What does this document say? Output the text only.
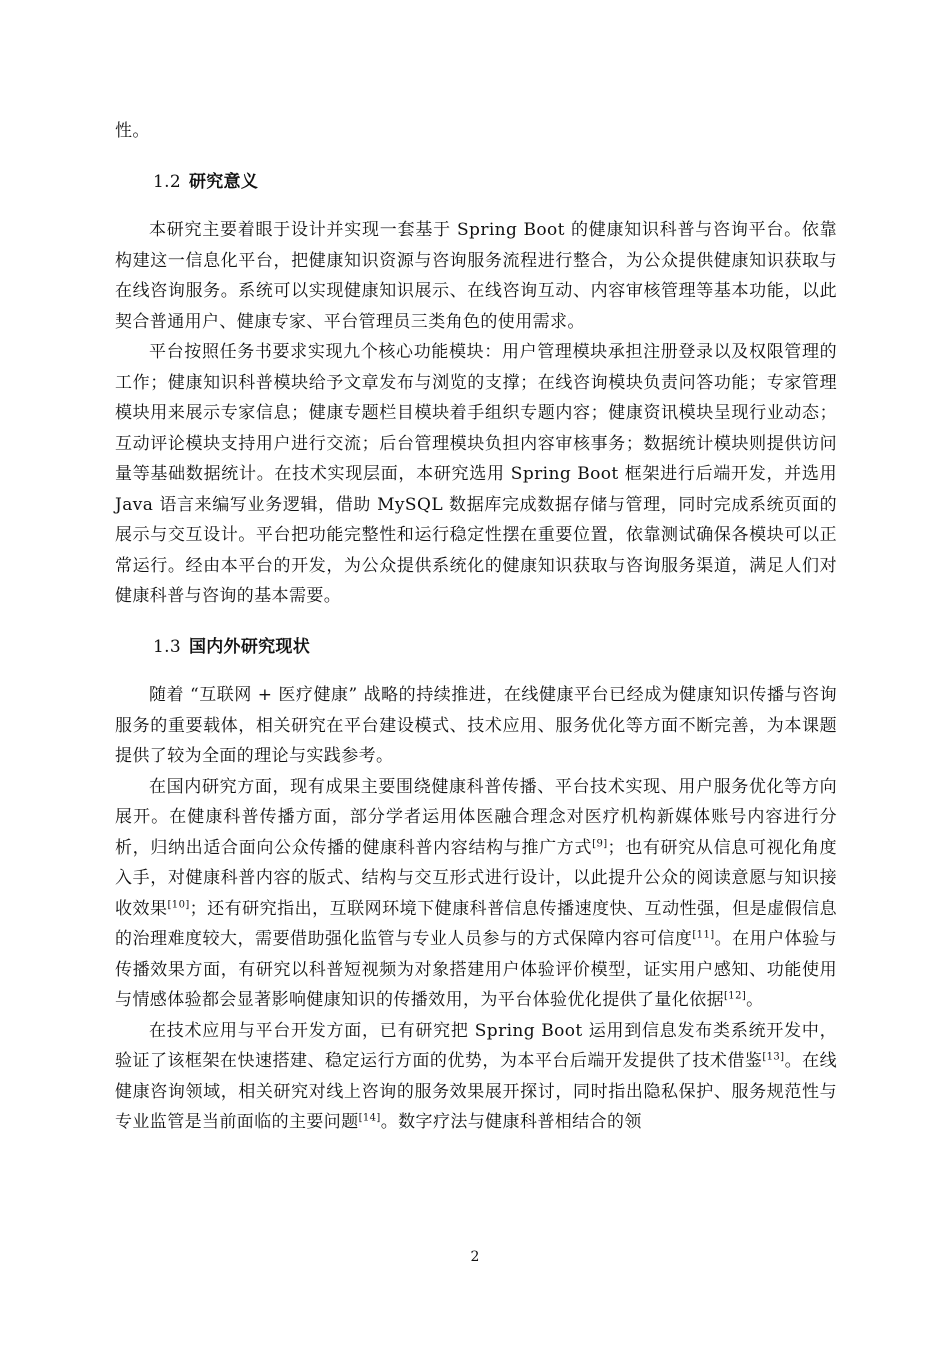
性。

1.2 研究意义

本研究主要着眼于设计并实现一套基于 Spring Boot 的健康知识科普与咨询平台。依靠构建这一信息化平台，把健康知识资源与咨询服务流程进行整合，为公众提供健康知识获取与在线咨询服务。系统可以实现健康知识展示、在线咨询互动、内容审核管理等基本功能，以此契合普通用户、健康专家、平台管理员三类角色的使用需求。

平台按照任务书要求实现九个核心功能模块：用户管理模块承担注册登录以及权限管理的工作；健康知识科普模块给予文章发布与浏览的支撑；在线咨询模块负责问答功能；专家管理模块用来展示专家信息；健康专题栏目模块着手组织专题内容；健康资讯模块呈现行业动态；互动评论模块支持用户进行交流；后台管理模块负担内容审核事务；数据统计模块则提供访问量等基础数据统计。在技术实现层面，本研究选用 Spring Boot 框架进行后端开发，并选用 Java 语言来编写业务逻辑，借助 MySQL 数据库完成数据存储与管理，同时完成系统页面的展示与交互设计。平台把功能完整性和运行稳定性摆在重要位置，依靠测试确保各模块可以正常运行。经由本平台的开发，为公众提供系统化的健康知识获取与咨询服务渠道，满足人们对健康科普与咨询的基本需要。

1.3 国内外研究现状

随着 “互联网 + 医疗健康” 战略的持续推进，在线健康平台已经成为健康知识传播与咨询服务的重要载体，相关研究在平台建设模式、技术应用、服务优化等方面不断完善，为本课题提供了较为全面的理论与实践参考。

在国内研究方面，现有成果主要围绕健康科普传播、平台技术实现、用户服务优化等方向展开。在健康科普传播方面，部分学者运用体医融合理念对医疗机构新媒体账号内容进行分析，归纳出适合面向公众传播的健康科普内容结构与推广方式[9]；也有研究从信息可视化角度入手，对健康科普内容的版式、结构与交互形式进行设计，以此提升公众的阅读意愿与知识接收效果[10]；还有研究指出，互联网环境下健康科普信息传播速度快、互动性强，但是虚假信息的治理难度较大，需要借助强化监管与专业人员参与的方式保障内容可信度[11]。在用户体验与传播效果方面，有研究以科普短视频为对象搭建用户体验评价模型，证实用户感知、功能使用与情感体验都会显著影响健康知识的传播效用，为平台体验优化提供了量化依据[12]。

在技术应用与平台开发方面，已有研究把 Spring Boot 运用到信息发布类系统开发中，验证了该框架在快速搭建、稳定运行方面的优势，为本平台后端开发提供了技术借鉴[13]。在线健康咨询领域，相关研究对线上咨询的服务效果展开探讨，同时指出隐私保护、服务规范性与专业监管是当前面临的主要问题[14]。数字疗法与健康科普相结合的领

2
